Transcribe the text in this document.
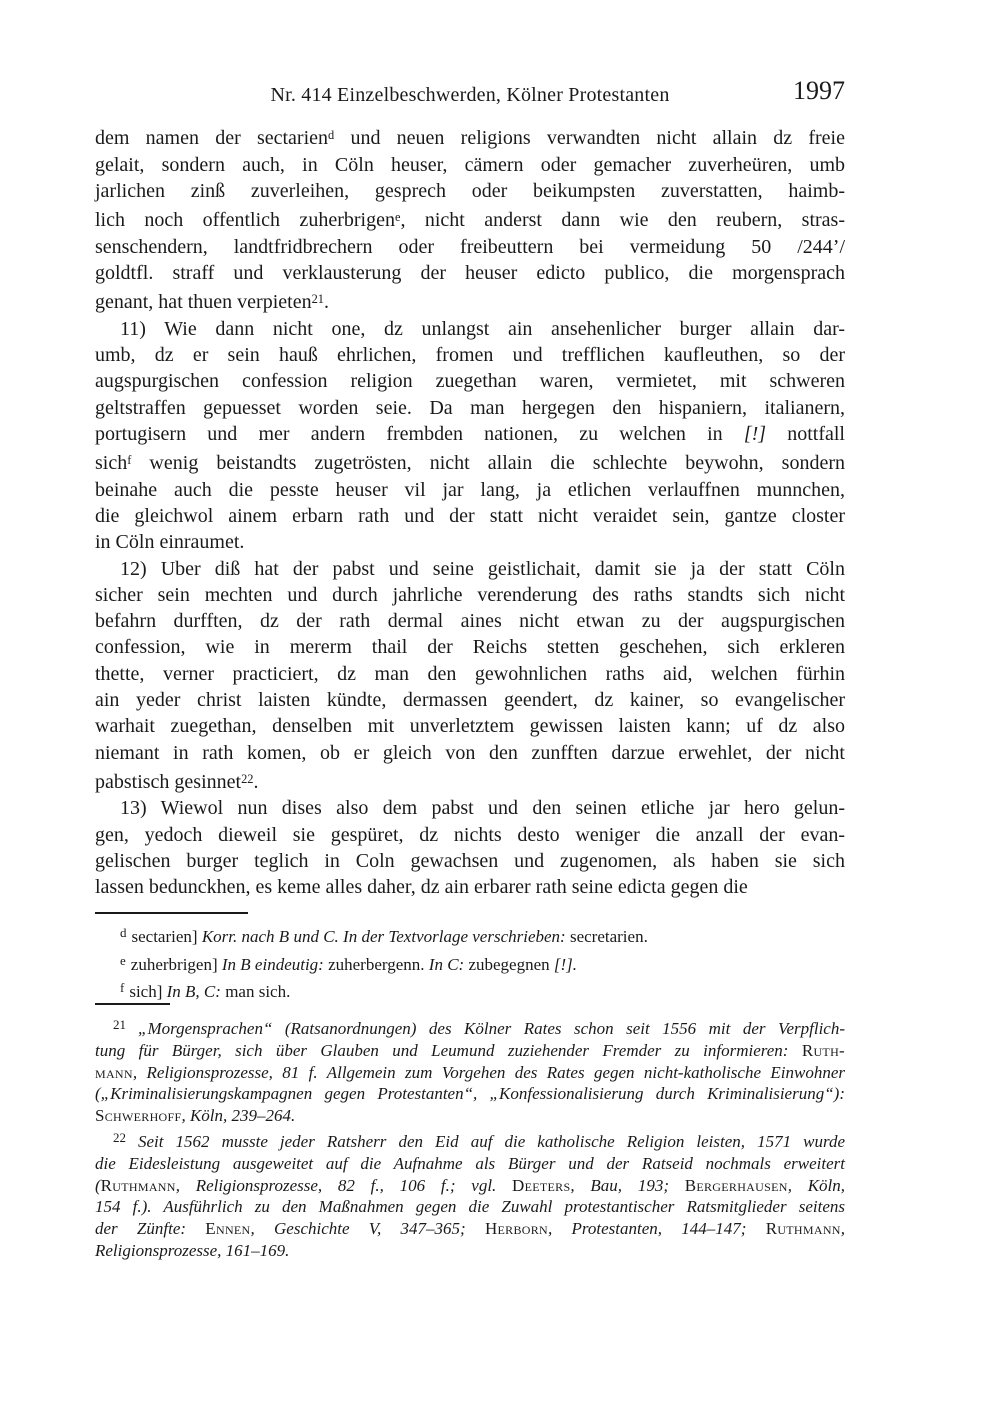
Nr. 414 Einzelbeschwerden, Kölner Protestanten	1997
dem namen der sectarien$^d$ und neuen religions verwandten nicht allain dz freie
gelait, sondern auch, in Cöln heuser, cämern oder gemacher zuverheüren, umb
jarlichen zinß zuverleihen, gesprech oder beikumpsten zuverstatten, haimb-
lich noch offentlich zuherbrigen$^e$, nicht anderst dann wie den reubern, stras-
senschendern, landtfridbrechern oder freibeuttern bei vermeidung 50 /244’/
goldtfl. straff und verklausterung der heuser edicto publico, die morgensprach
genant, hat thuen verpieten$^{21}$.
11) Wie dann nicht one, dz unlangst ain ansehenlicher burger allain dar-
umb, dz er sein hauß ehrlichen, fromen und trefflichen kaufleuthen, so der
augspurgischen confession religion zuegethan waren, vermietet, mit schweren
geltstraffen gepuesset worden seie. Da man hergegen den hispaniern, italianern,
portugisern und mer andern frembden nationen, zu welchen in [!] nottfall
sich$^f$ wenig beistandts zugetrösten, nicht allain die schlechte beywohn, sondern
beinahe auch die pesste heuser vil jar lang, ja etlichen verlauffnen munnchen,
die gleichwol ainem erbarn rath und der statt nicht veraidet sein, gantze closter
in Cöln einraumet.
12) Uber diß hat der pabst und seine geistlichait, damit sie ja der statt Cöln
sicher sein mechten und durch jahrliche verenderung des raths standts sich nicht
befahrn durfften, dz der rath dermal aines nicht etwan zu der augspurgischen
confession, wie in mererm thail der Reichs stetten geschehen, sich erkleren
thette, verner practiciert, dz man den gewohnlichen raths aid, welchen fürhin
ain yeder christ laisten kündte, dermassen geendert, dz kainer, so evangelischer
warhait zuegethan, denselben mit unverletztem gewissen laisten kann; uf dz also
niemant in rath komen, ob er gleich von den zunfften darzue erwehlet, der nicht
pabstisch gesinnet$^{22}$.
13) Wiewol nun dises also dem pabst und den seinen etliche jar hero gelun-
gen, yedoch dieweil sie gespüret, dz nichts desto weniger die anzall der evan-
gelischen burger teglich in Coln gewachsen und zugenomen, als haben sie sich
lassen bedunckhen, es keme alles daher, dz ain erbarer rath seine edicta gegen die
$^d$ sectarien] Korr. nach B und C. In der Textvorlage verschrieben: secretarien.
$^e$ zuherbrigen] In B eindeutig: zuherbergenn. In C: zubegegnen [!].
$^f$ sich] In B, C: man sich.
$^{21}$ „Morgensprachen“ (Ratsanordnungen) des Kölner Rates schon seit 1556 mit der Verpflich-
tung für Bürger, sich über Glauben und Leumund zuziehender Fremder zu informieren: Ruth-
mann, Religionsprozesse, 81 f. Allgemein zum Vorgehen des Rates gegen nicht-katholische Einwohner
(„Kriminalisierungskampagnen gegen Protestanten“, „Konfessionalisierung durch Kriminalisierung“):
Schwerhoff, Köln, 239–264.
$^{22}$ Seit 1562 musste jeder Ratsherr den Eid auf die katholische Religion leisten, 1571 wurde
die Eidesleistung ausgeweitet auf die Aufnahme als Bürger und der Ratseid nochmals erweitert
(Ruthmann, Religionsprozesse, 82 f., 106 f.; vgl. Deeters, Bau, 193; Bergerhausen, Köln,
154 f.). Ausführlich zu den Maßnahmen gegen die Zuwahl protestantischer Ratsmitglieder seitens
der Zünfte: Ennen, Geschichte V, 347–365; Herborn, Protestanten, 144–147; Ruthmann,
Religionsprozesse, 161–169.
